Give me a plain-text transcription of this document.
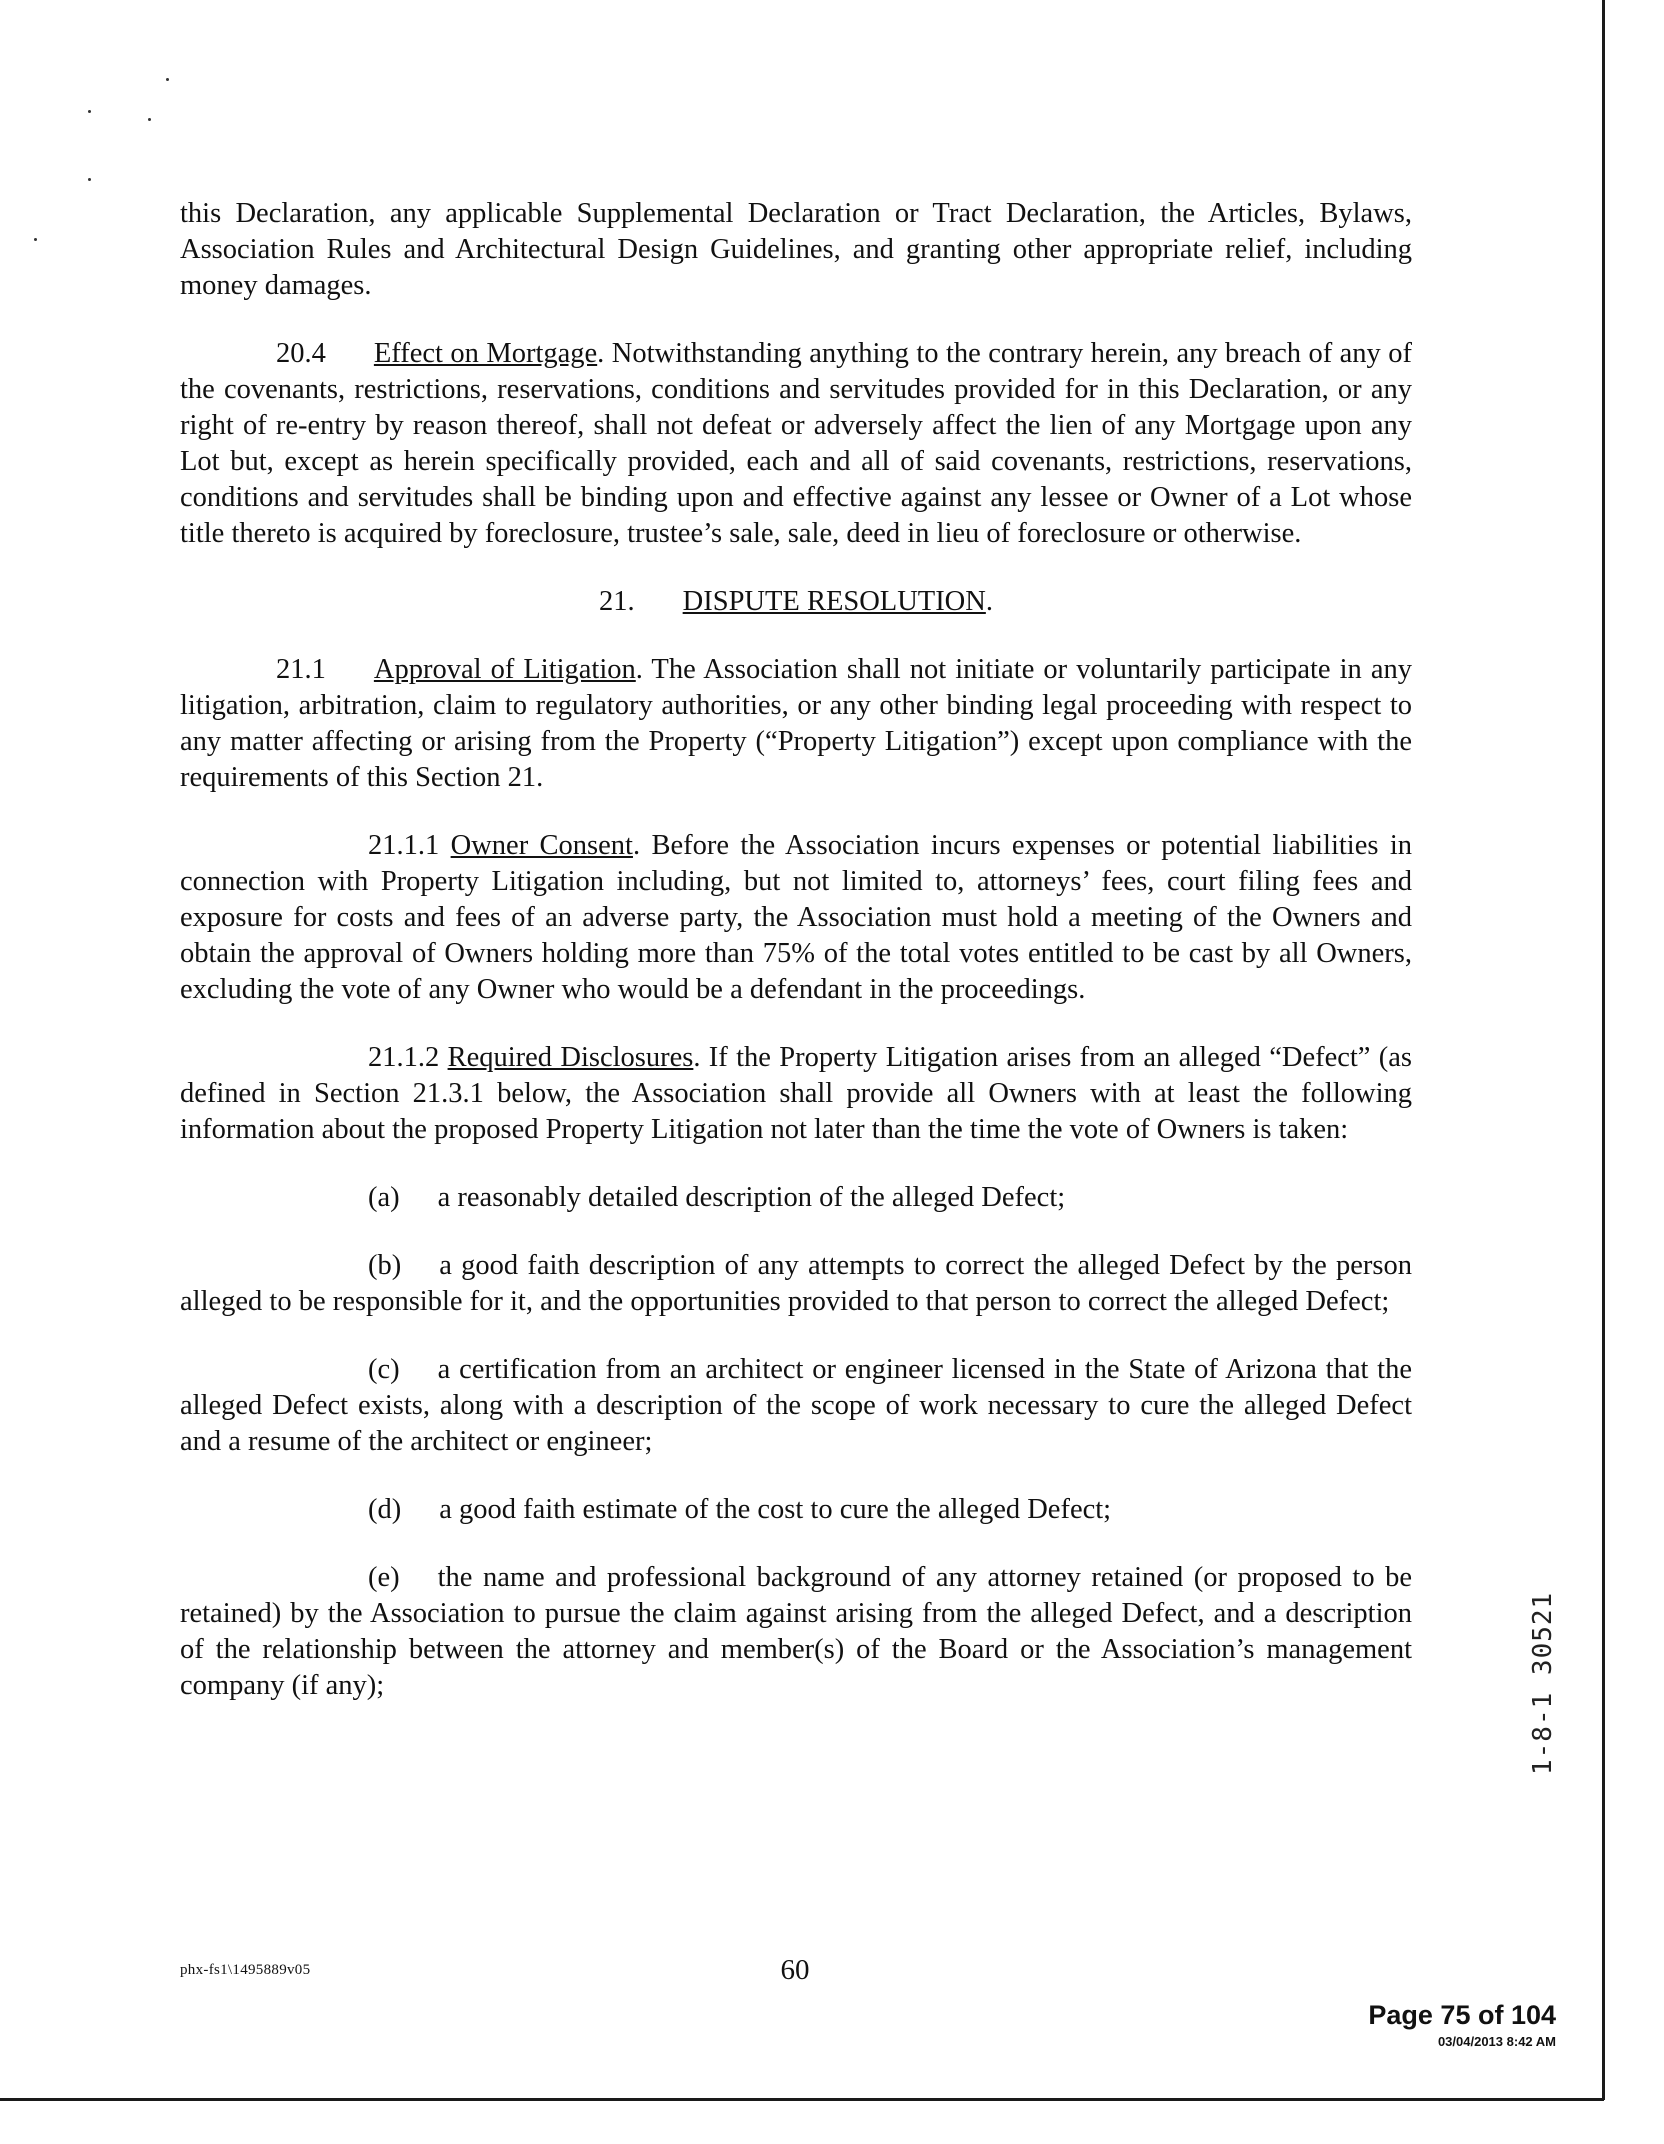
this Declaration, any applicable Supplemental Declaration or Tract Declaration, the Articles, Bylaws, Association Rules and Architectural Design Guidelines, and granting other appropriate relief, including money damages.

20.4 Effect on Mortgage. Notwithstanding anything to the contrary herein, any breach of any of the covenants, restrictions, reservations, conditions and servitudes provided for in this Declaration, or any right of re-entry by reason thereof, shall not defeat or adversely affect the lien of any Mortgage upon any Lot but, except as herein specifically provided, each and all of said covenants, restrictions, reservations, conditions and servitudes shall be binding upon and effective against any lessee or Owner of a Lot whose title thereto is acquired by foreclosure, trustee’s sale, sale, deed in lieu of foreclosure or otherwise.

21. DISPUTE RESOLUTION.

21.1 Approval of Litigation. The Association shall not initiate or voluntarily participate in any litigation, arbitration, claim to regulatory authorities, or any other binding legal proceeding with respect to any matter affecting or arising from the Property (“Property Litigation”) except upon compliance with the requirements of this Section 21.

21.1.1 Owner Consent. Before the Association incurs expenses or potential liabilities in connection with Property Litigation including, but not limited to, attorneys’ fees, court filing fees and exposure for costs and fees of an adverse party, the Association must hold a meeting of the Owners and obtain the approval of Owners holding more than 75% of the total votes entitled to be cast by all Owners, excluding the vote of any Owner who would be a defendant in the proceedings.

21.1.2 Required Disclosures. If the Property Litigation arises from an alleged “Defect” (as defined in Section 21.3.1 below, the Association shall provide all Owners with at least the following information about the proposed Property Litigation not later than the time the vote of Owners is taken:

(a) a reasonably detailed description of the alleged Defect;

(b) a good faith description of any attempts to correct the alleged Defect by the person alleged to be responsible for it, and the opportunities provided to that person to correct the alleged Defect;

(c) a certification from an architect or engineer licensed in the State of Arizona that the alleged Defect exists, along with a description of the scope of work necessary to cure the alleged Defect and a resume of the architect or engineer;

(d) a good faith estimate of the cost to cure the alleged Defect;

(e) the name and professional background of any attorney retained (or proposed to be retained) by the Association to pursue the claim against arising from the alleged Defect, and a description of the relationship between the attorney and member(s) of the Board or the Association’s management company (if any);	1-8-1 30521
phx-fs1\1495889v05	60
Page 75 of 104
03/04/2013 8:42 AM
